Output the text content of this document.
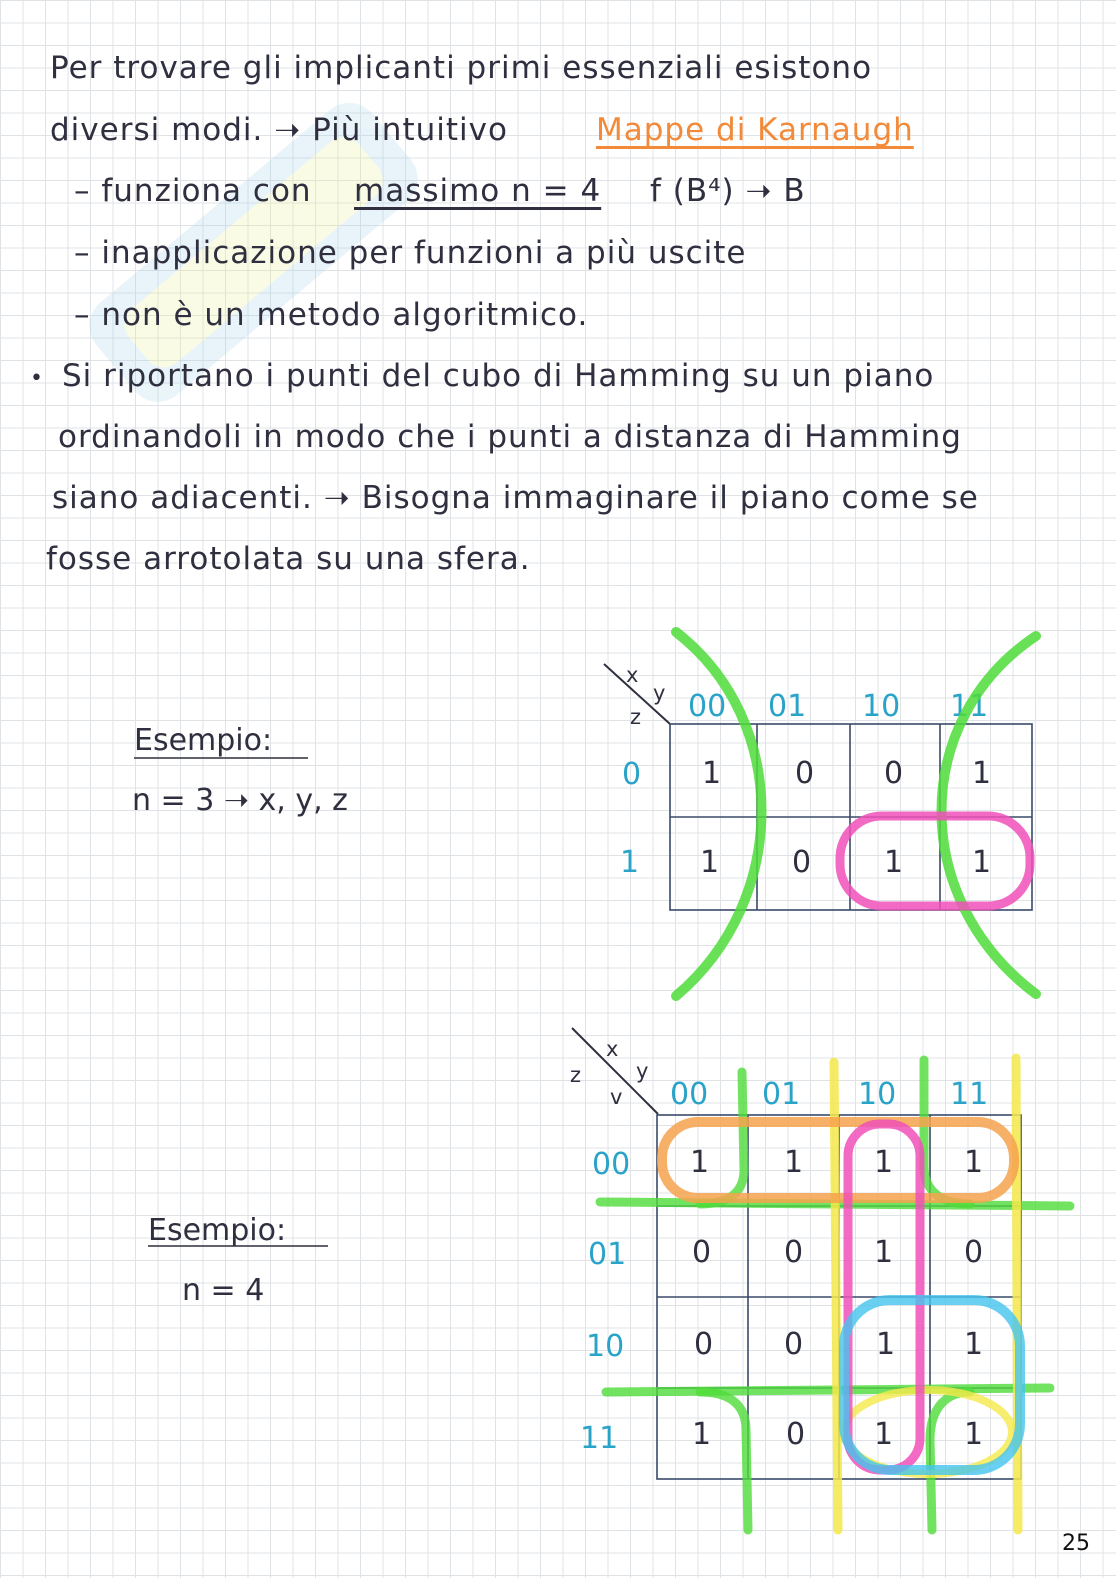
Per trovare gli implicanti primi essenziali esistono
diversi modi. ➝ Più intuitivo	Mappe di Karnaugh
– funziona con massimo n = 4 f (B⁴) ➝ B
– inapplicazione per funzioni a più uscite
– non è un metodo algoritmico.
• Si riportano i punti del cubo di Hamming su un piano
ordinandoli in modo che i punti a distanza di Hamming
siano adiacenti. ➝ Bisogna immaginare il piano come se
fosse arrotolata su una sfera.
Esempio:
n = 3 ➝ x, y, z
x
y
z 00 01 10 11
0
1
1 0 0 1
1 0 1 1
Esempio:
n = 4
x
y
z
v 00 01 10 11
00
01
10
11
1 1 1 1
0 0 1 0
0 0 1 1
1 0 1 1
25
